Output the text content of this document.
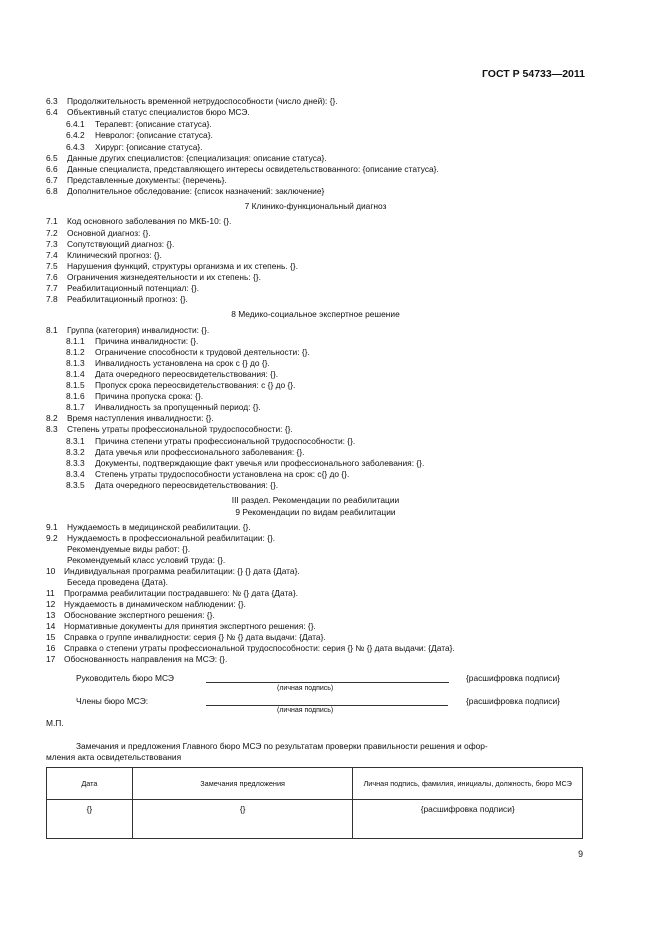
ГОСТ Р 54733—2011
6.3 Продолжительность временной нетрудоспособности (число дней): {}.
6.4 Объективный статус специалистов бюро МСЭ.
6.4.1 Терапевт: {описание статуса}.
6.4.2 Невролог: {описание статуса}.
6.4.3 Хирург: {описание статуса}.
6.5 Данные других специалистов: {специализация: описание статуса}.
6.6 Данные специалиста, представляющего интересы освидетельствованного: {описание статуса}.
6.7 Представленные документы: {перечень}.
6.8 Дополнительное обследование: {список назначений: заключение}
7.1 Код основного заболевания по МКБ-10: {}.
7.2 Основной диагноз: {}.
7.3 Сопутствующий диагноз: {}.
7.4 Клинический прогноз: {}.
7.5 Нарушения функций, структуры организма и их степень. {}.
7.6 Ограничения жизнедеятельности и их степень: {}.
7.7 Реабилитационный потенциал: {}.
7.8 Реабилитационный прогноз: {}.
8.1 Группа (категория) инвалидности: {}.
8.1.1 Причина инвалидности: {}.
8.1.2 Ограничение способности к трудовой деятельности: {}.
8.1.3 Инвалидность установлена на срок с {} до {}.
8.1.4 Дата очередного переосвидетельствования: {}.
8.1.5 Пропуск срока переосвидетельствования: с {} до {}.
8.1.6 Причина пропуска срока: {}.
8.1.7 Инвалидность за пропущенный период: {}.
8.2 Время наступления инвалидности: {}.
8.3 Степень утраты профессиональной трудоспособности: {}.
8.3.1 Причина степени утраты профессиональной трудоспособности: {}.
8.3.2 Дата увечья или профессионального заболевания: {}.
8.3.3 Документы, подтверждающие факт увечья или профессионального заболевания: {}.
8.3.4 Степень утраты трудоспособности установлена на срок: с{} до {}.
8.3.5 Дата очередного переосвидетельствования: {}.
9.1 Нуждаемость в медицинской реабилитации. {}.
9.2 Нуждаемость в профессиональной реабилитации: {}.
Рекомендуемые виды работ: {}.
Рекомендуемый класс условий труда: {}.
10 Индивидуальная программа реабилитации: {} {} дата {Дата}.
Беседа проведена {Дата}.
11 Программа реабилитации пострадавшего: № {} дата {Дата}.
12 Нуждаемость в динамическом наблюдении: {}.
13 Обоснование экспертного решения: {}.
14 Нормативные документы для принятия экспертного решения: {}.
15 Справка о группе инвалидности: серия {} № {} дата выдачи: {Дата}.
16 Справка о степени утраты профессиональной трудоспособности: серия {} № {} дата выдачи: {Дата}.
17 Обоснованность направления на МСЭ: {}.
7 Клинико-функциональный диагноз
8 Медико-социальное экспертное решение
III раздел. Рекомендации по реабилитации
9 Рекомендации по видам реабилитации
Руководитель бюро МСЭ	{расшифровка подписи}
(личная подпись)
Члены бюро МСЭ:	{расшифровка подписи}
(личная подпись)
М.П.
Замечания и предложения Главного бюро МСЭ по результатам проверки правильности решения и офор-
мления акта освидетельствования
Дата	Замечания предложения	Личная подпись, фамилия, инициалы, должность, бюро МСЭ
{}	{}	{расшифровка подписи}
9
